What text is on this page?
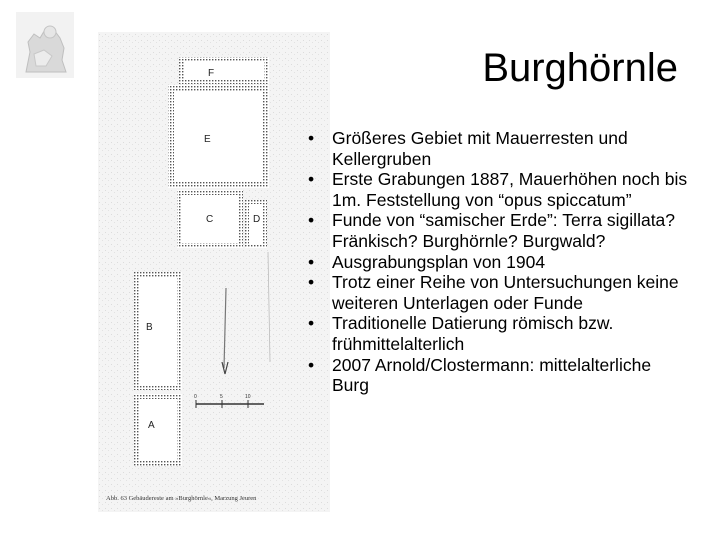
F
E
C	D
B
A
0	5	10
Abb. 63 Gebäudereste am »Burghörnle«, Marzung Jeuren
Burghörnle
• Größeres Gebiet mit Mauerresten und Kellergruben
• Erste Grabungen 1887, Mauerhöhen noch bis 1m. Feststellung von “opus spiccatum”
• Funde von “samischer Erde”: Terra sigillata? Fränkisch? Burghörnle? Burgwald?
• Ausgrabungsplan von 1904
• Trotz einer Reihe von Untersuchungen keine weiteren Unterlagen oder Funde
• Traditionelle Datierung römisch bzw. frühmittelalterlich
• 2007 Arnold/Clostermann: mittelalterliche Burg
